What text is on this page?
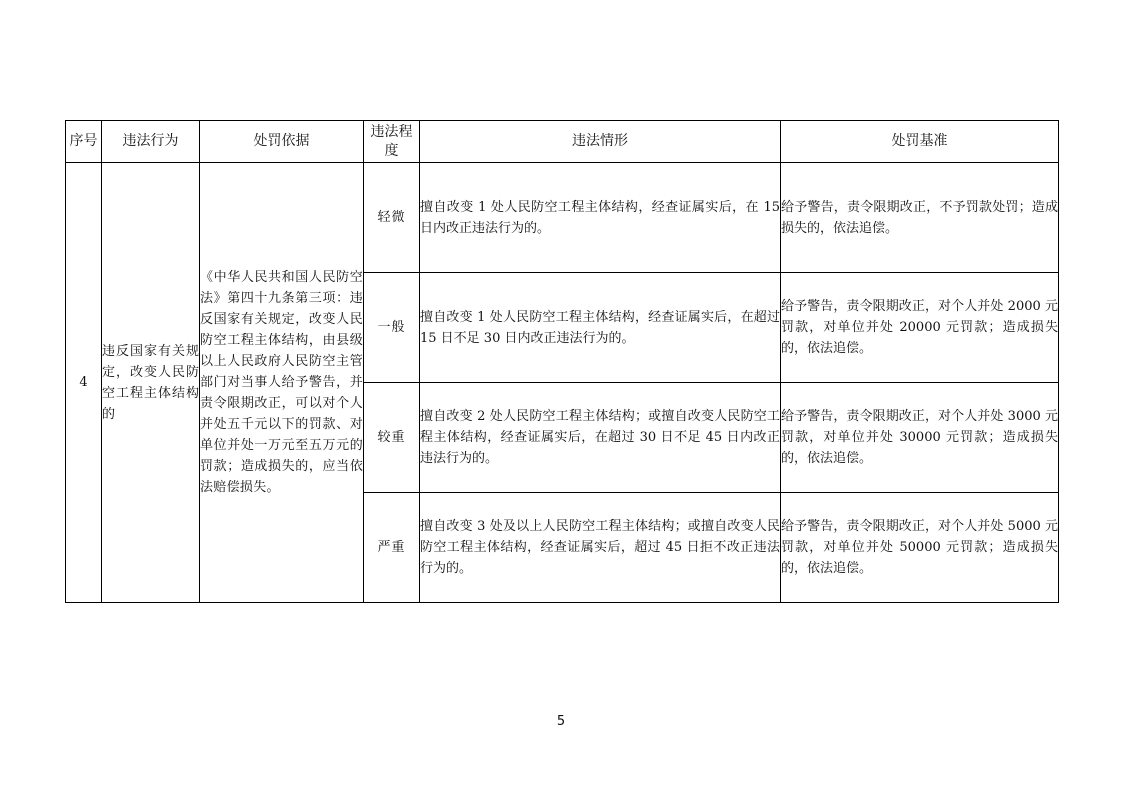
序号	违法行为	处罚依据	违法程度	违法情形	处罚基准
4	违反国家有关规定，改变人民防空工程主体结构的	《中华人民共和国人民防空法》第四十九条第三项：违反国家有关规定，改变人民防空工程主体结构，由县级以上人民政府人民防空主管部门对当事人给予警告，并责令限期改正，可以对个人并处五千元以下的罚款、对单位并处一万元至五万元的罚款；造成损失的，应当依法赔偿损失。	轻微	擅自改变 1 处人民防空工程主体结构，经查证属实后，在 15 日内改正违法行为的。	给予警告，责令限期改正，不予罚款处罚；造成损失的，依法追偿。
			一般	擅自改变 1 处人民防空工程主体结构，经查证属实后，在超过 15 日不足 30 日内改正违法行为的。	给予警告，责令限期改正，对个人并处 2000 元罚款，对单位并处 20000 元罚款；造成损失的，依法追偿。
			较重	擅自改变 2 处人民防空工程主体结构；或擅自改变人民防空工程主体结构，经查证属实后，在超过 30 日不足 45 日内改正违法行为的。	给予警告，责令限期改正，对个人并处 3000 元罚款，对单位并处 30000 元罚款；造成损失的，依法追偿。
			严重	擅自改变 3 处及以上人民防空工程主体结构；或擅自改变人民防空工程主体结构，经查证属实后，超过 45 日拒不改正违法行为的。	给予警告，责令限期改正，对个人并处 5000 元罚款，对单位并处 50000 元罚款；造成损失的，依法追偿。
5
